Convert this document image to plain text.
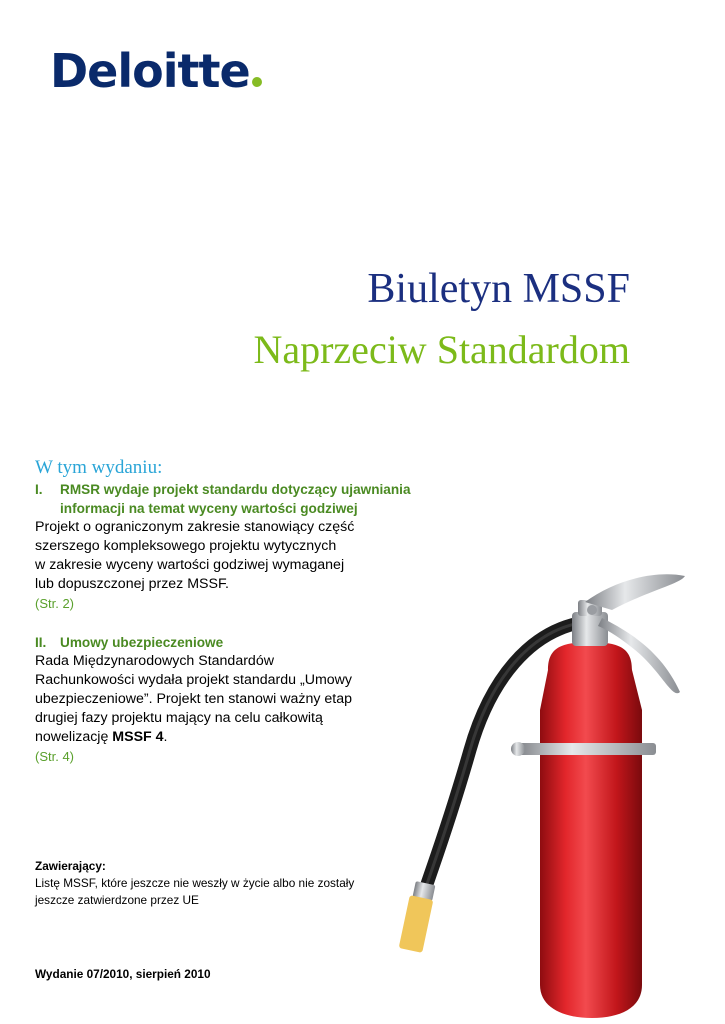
Deloitte
Biuletyn MSSF
Naprzeciw Standardom
W tym wydaniu:
I.	RMSR wydaje projekt standardu dotyczący ujawniania informacji na temat wyceny wartości godziwej
Projekt o ograniczonym zakresie stanowiący część
szerszego kompleksowego projektu wytycznych
w zakresie wyceny wartości godziwej wymaganej
lub dopuszczonej przez MSSF.
(Str. 2)
II.	Umowy ubezpieczeniowe
Rada Międzynarodowych Standardów
Rachunkowości wydała projekt standardu „Umowy
ubezpieczeniowe”. Projekt ten stanowi ważny etap
drugiej fazy projektu mający na celu całkowitą
nowelizację MSSF 4.
(Str. 4)
Zawierający:
Listę MSSF, które jeszcze nie weszły w życie albo nie zostały
jeszcze zatwierdzone przez UE
Wydanie 07/2010, sierpień 2010
